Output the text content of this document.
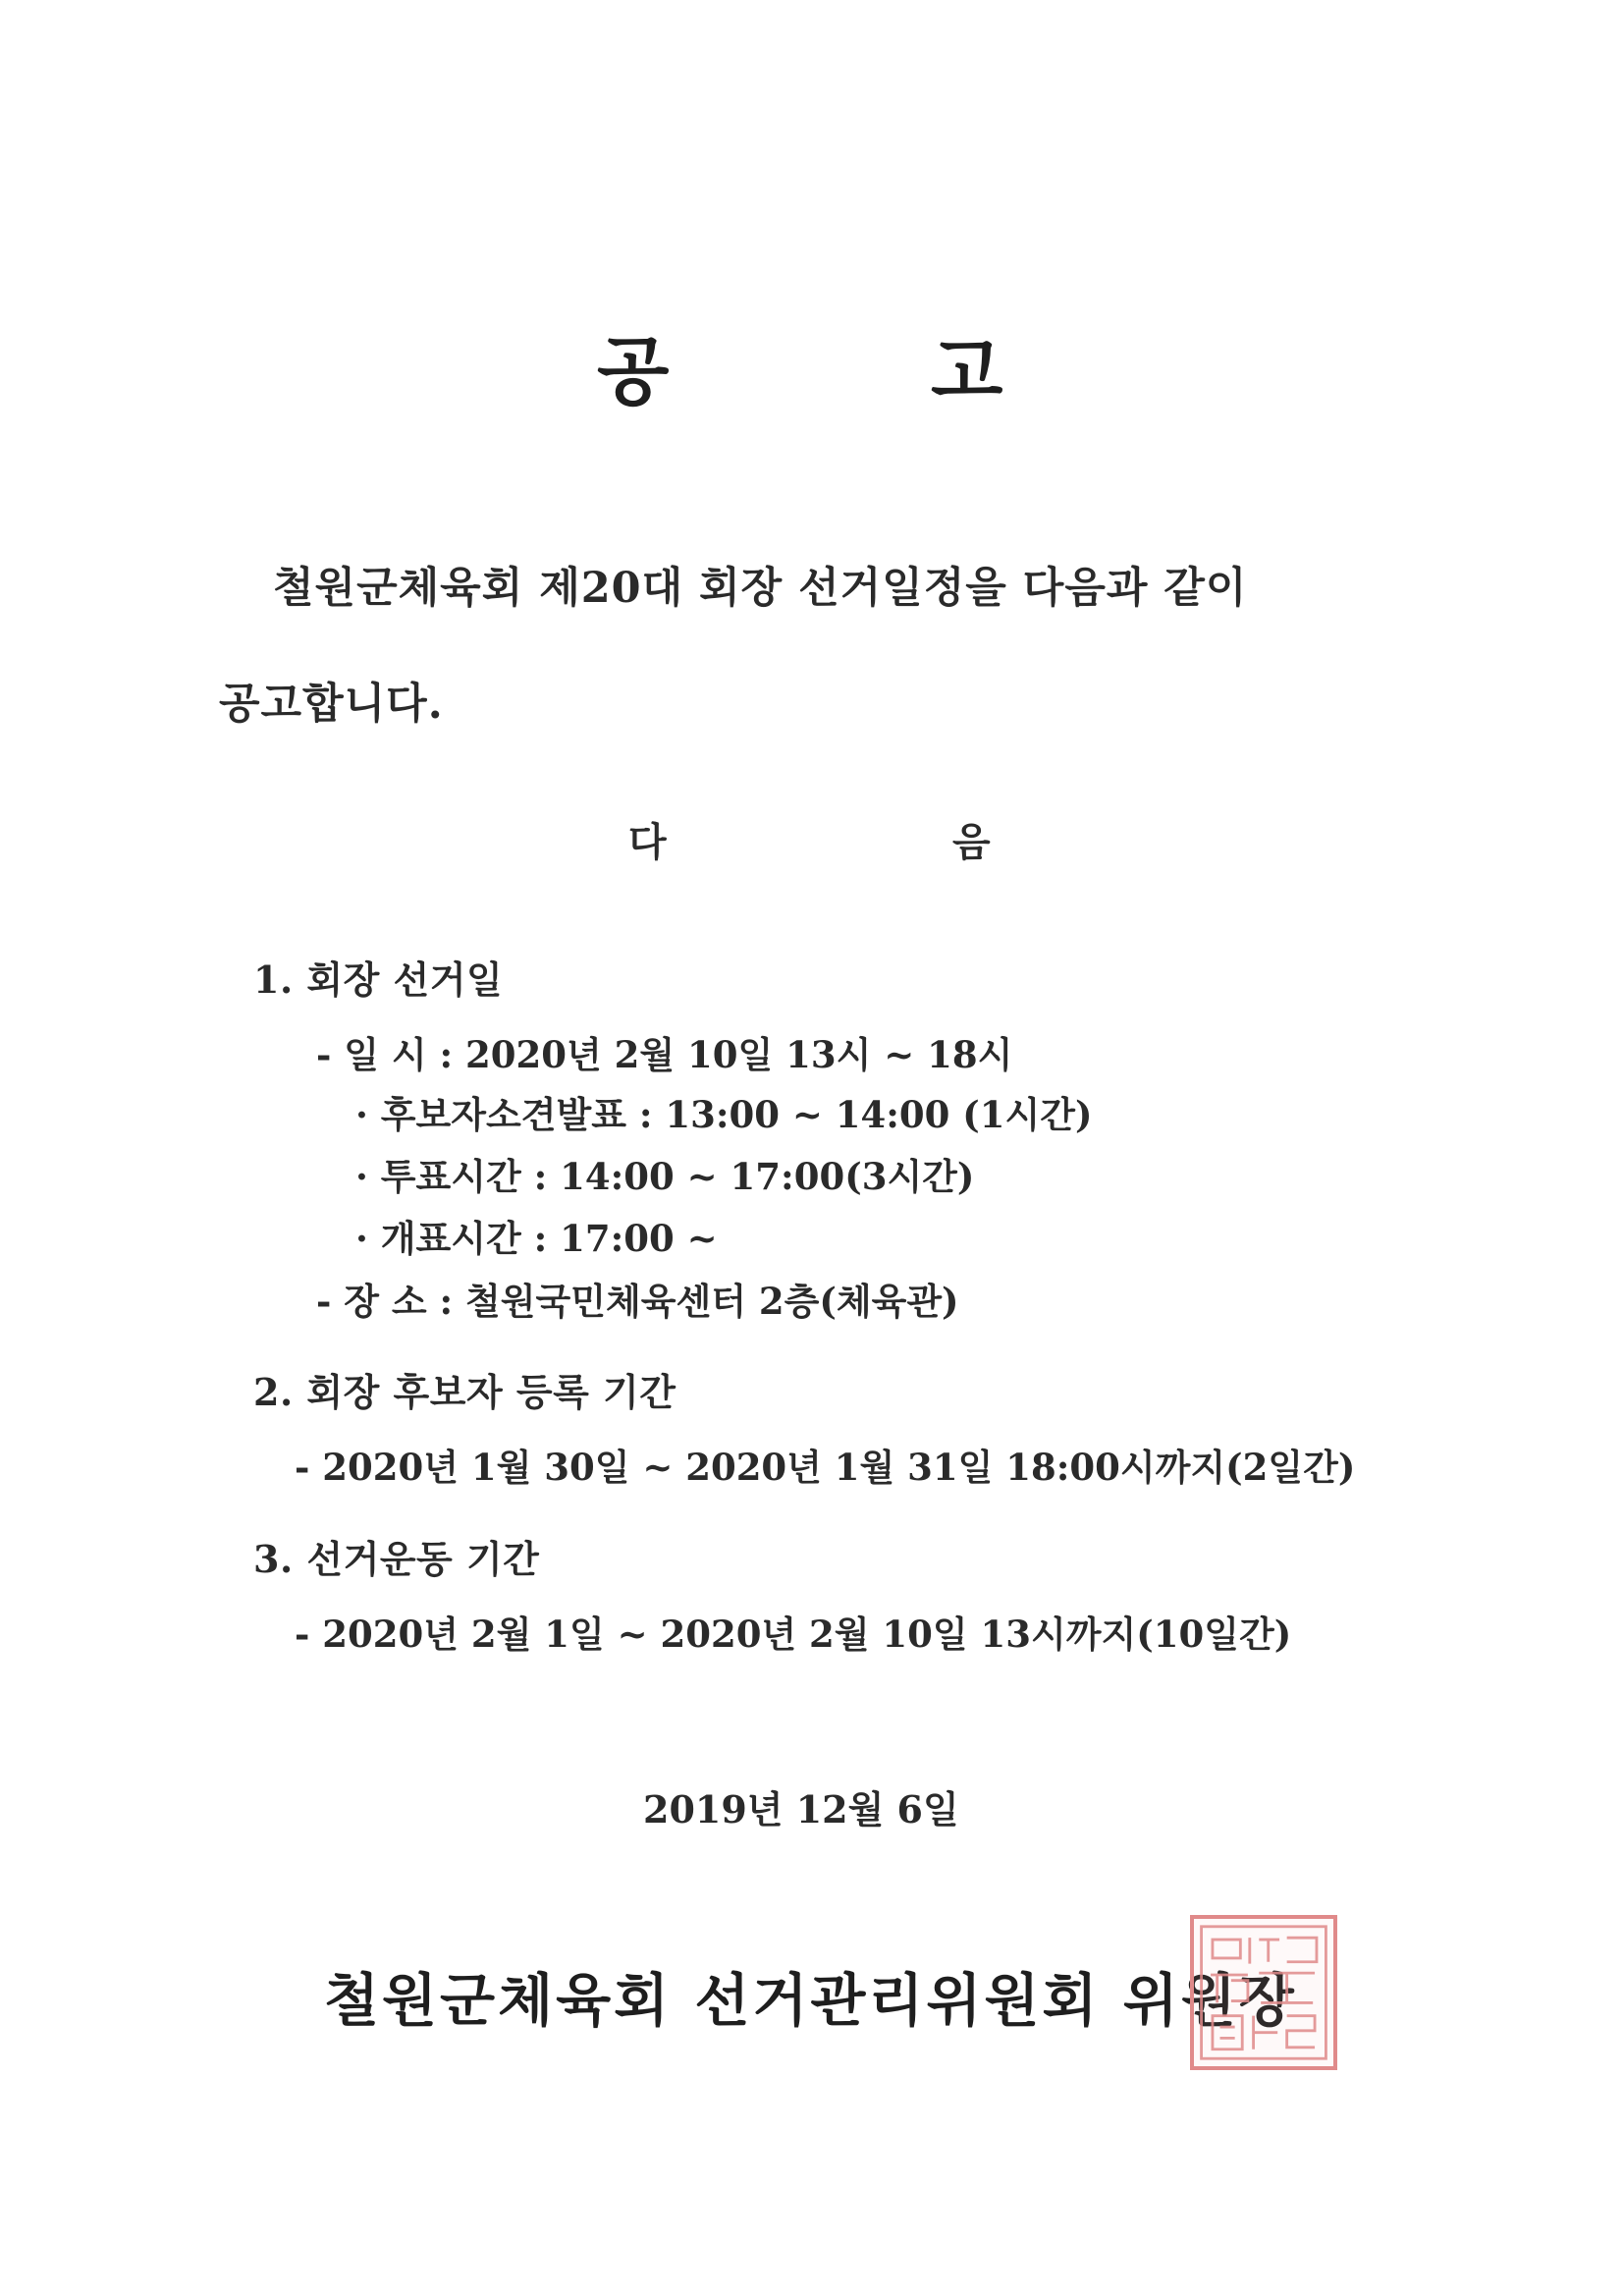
공	고
철원군체육회 제20대 회장 선거일정을 다음과 같이
공고합니다.
다	음
1. 회장 선거일
- 일 시 : 2020년 2월 10일 13시 ~ 18시
· 후보자소견발표 : 13:00 ~ 14:00 (1시간)
· 투표시간 : 14:00 ~ 17:00(3시간)
· 개표시간 : 17:00 ~
- 장 소 : 철원국민체육센터 2층(체육관)
2. 회장 후보자 등록 기간
- 2020년 1월 30일 ~ 2020년 1월 31일 18:00시까지(2일간)
3. 선거운동 기간
- 2020년 2월 1일 ~ 2020년 2월 10일 13시까지(10일간)
2019년 12월 6일
철원군체육회 선거관리위원회 위원장
